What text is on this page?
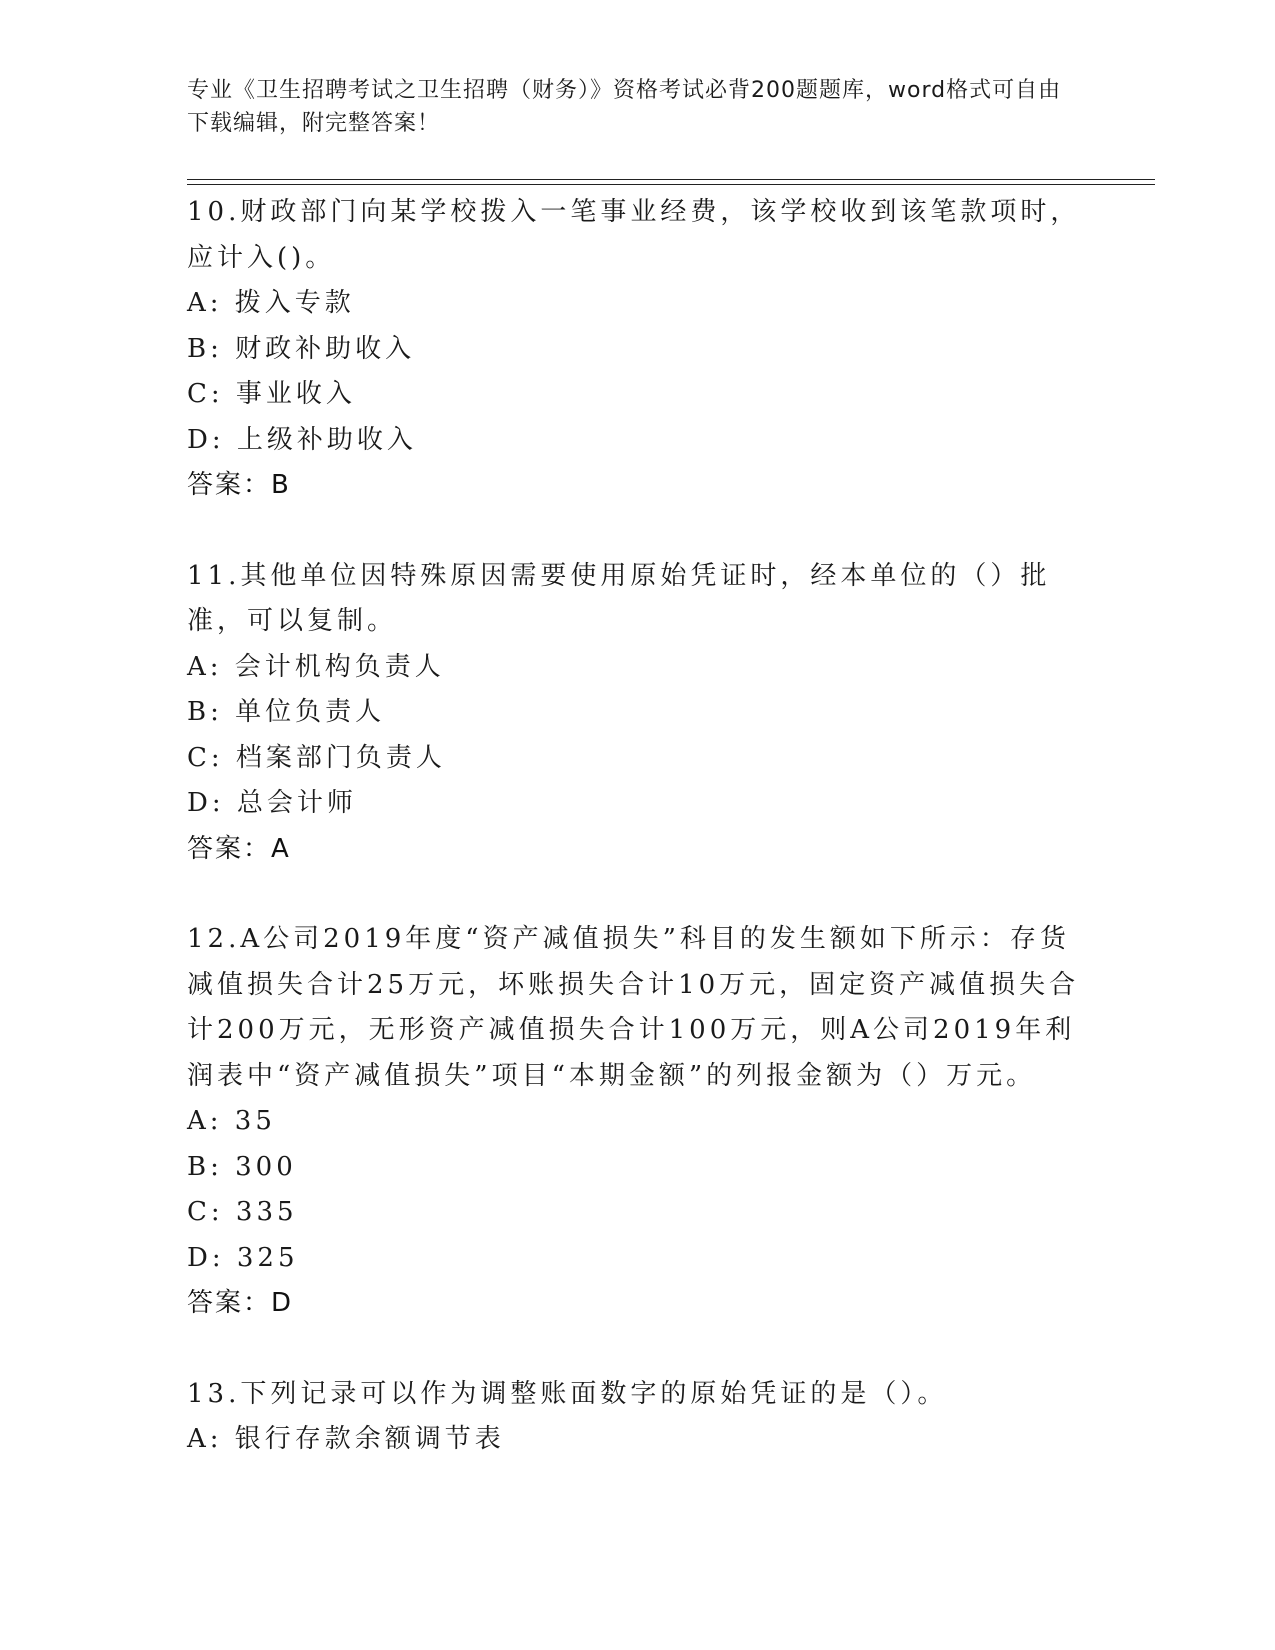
专业《卫生招聘考试之卫生招聘（财务）》资格考试必背200题题库，word格式可自由下载编辑，附完整答案！

10.财政部门向某学校拨入一笔事业经费，该学校收到该笔款项时，应计入()。

A: 拨入专款

B: 财政补助收入

C: 事业收入

D: 上级补助收入

答案：B

11.其他单位因特殊原因需要使用原始凭证时，经本单位的（）批准，可以复制。

A: 会计机构负责人

B: 单位负责人

C: 档案部门负责人

D: 总会计师

答案：A

12.A公司2019年度“资产减值损失”科目的发生额如下所示：存货减值损失合计25万元，坏账损失合计10万元，固定资产减值损失合计200万元，无形资产减值损失合计100万元，则A公司2019年利润表中“资产减值损失”项目“本期金额”的列报金额为（）万元。

A: 35

B: 300

C: 335

D: 325

答案：D

13.下列记录可以作为调整账面数字的原始凭证的是（）。

A: 银行存款余额调节表
